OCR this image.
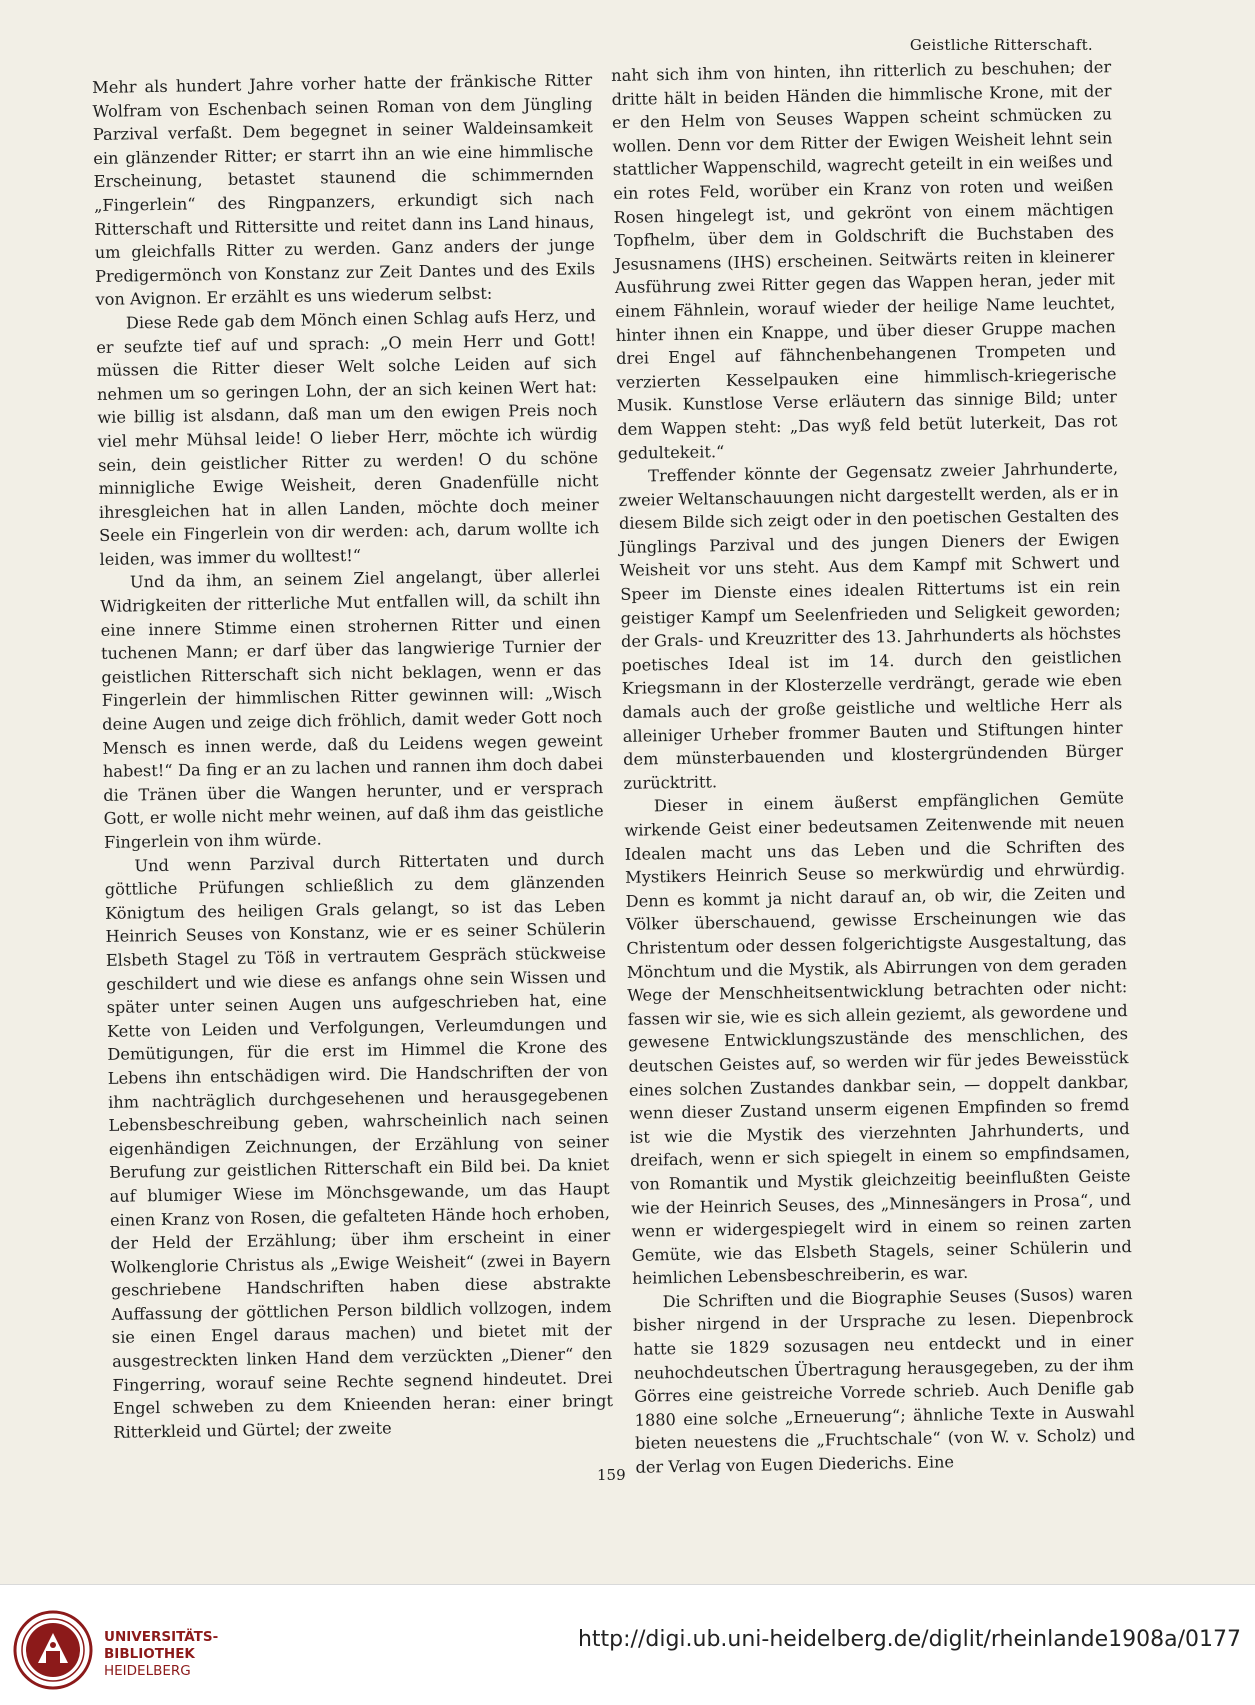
Geistliche Ritterschaft.

Mehr als hundert Jahre vorher hatte der fränkische Ritter Wolfram von Eschenbach seinen Roman von dem Jüngling Parzival verfaßt. Dem begegnet in seiner Waldeinsamkeit ein glänzender Ritter; er starrt ihn an wie eine himmlische Erscheinung, betastet staunend die schimmernden „Fingerlein“ des Ringpanzers, erkundigt sich nach Ritterschaft und Rittersitte und reitet dann ins Land hinaus, um gleichfalls Ritter zu werden. Ganz anders der junge Predigermönch von Konstanz zur Zeit Dantes und des Exils von Avignon. Er erzählt es uns wiederum selbst:

Diese Rede gab dem Mönch einen Schlag aufs Herz, und er seufzte tief auf und sprach: „O mein Herr und Gott! müssen die Ritter dieser Welt solche Leiden auf sich nehmen um so geringen Lohn, der an sich keinen Wert hat: wie billig ist alsdann, daß man um den ewigen Preis noch viel mehr Mühsal leide! O lieber Herr, möchte ich würdig sein, dein geistlicher Ritter zu werden! O du schöne minnigliche Ewige Weisheit, deren Gnadenfülle nicht ihresgleichen hat in allen Landen, möchte doch meiner Seele ein Fingerlein von dir werden: ach, darum wollte ich leiden, was immer du wolltest!“

Und da ihm, an seinem Ziel angelangt, über allerlei Widrigkeiten der ritterliche Mut entfallen will, da schilt ihn eine innere Stimme einen strohernen Ritter und einen tuchenen Mann; er darf über das langwierige Turnier der geistlichen Ritterschaft sich nicht beklagen, wenn er das Fingerlein der himmlischen Ritter gewinnen will: „Wisch deine Augen und zeige dich fröhlich, damit weder Gott noch Mensch es innen werde, daß du Leidens wegen geweint habest!“ Da fing er an zu lachen und rannen ihm doch dabei die Tränen über die Wangen herunter, und er versprach Gott, er wolle nicht mehr weinen, auf daß ihm das geistliche Fingerlein von ihm würde.

Und wenn Parzival durch Rittertaten und durch göttliche Prüfungen schließlich zu dem glänzenden Königtum des heiligen Grals gelangt, so ist das Leben Heinrich Seuses von Konstanz, wie er es seiner Schülerin Elsbeth Stagel zu Töß in vertrautem Gespräch stückweise geschildert und wie diese es anfangs ohne sein Wissen und später unter seinen Augen uns aufgeschrieben hat, eine Kette von Leiden und Verfolgungen, Verleumdungen und Demütigungen, für die erst im Himmel die Krone des Lebens ihn entschädigen wird. Die Handschriften der von ihm nachträglich durchgesehenen und herausgegebenen Lebensbeschreibung geben, wahrscheinlich nach seinen eigenhändigen Zeichnungen, der Erzählung von seiner Berufung zur geistlichen Ritterschaft ein Bild bei. Da kniet auf blumiger Wiese im Mönchsgewande, um das Haupt einen Kranz von Rosen, die gefalteten Hände hoch erhoben, der Held der Erzählung; über ihm erscheint in einer Wolkenglorie Christus als „Ewige Weisheit“ (zwei in Bayern geschriebene Handschriften haben diese abstrakte Auffassung der göttlichen Person bildlich vollzogen, indem sie einen Engel daraus machen) und bietet mit der ausgestreckten linken Hand dem verzückten „Diener“ den Fingerring, worauf seine Rechte segnend hindeutet. Drei Engel schweben zu dem Knieenden heran: einer bringt Ritterkleid und Gürtel; der zweite

naht sich ihm von hinten, ihn ritterlich zu beschuhen; der dritte hält in beiden Händen die himmlische Krone, mit der er den Helm von Seuses Wappen scheint schmücken zu wollen. Denn vor dem Ritter der Ewigen Weisheit lehnt sein stattlicher Wappenschild, wagrecht geteilt in ein weißes und ein rotes Feld, worüber ein Kranz von roten und weißen Rosen hingelegt ist, und gekrönt von einem mächtigen Topfhelm, über dem in Goldschrift die Buchstaben des Jesusnamens (IHS) erscheinen. Seitwärts reiten in kleinerer Ausführung zwei Ritter gegen das Wappen heran, jeder mit einem Fähnlein, worauf wieder der heilige Name leuchtet, hinter ihnen ein Knappe, und über dieser Gruppe machen drei Engel auf fähnchenbehangenen Trompeten und verzierten Kesselpauken eine himmlisch-kriegerische Musik. Kunstlose Verse erläutern das sinnige Bild; unter dem Wappen steht: „Das wyß feld betüt luterkeit, Das rot gedultekeit.“

Treffender könnte der Gegensatz zweier Jahrhunderte, zweier Weltanschauungen nicht dargestellt werden, als er in diesem Bilde sich zeigt oder in den poetischen Gestalten des Jünglings Parzival und des jungen Dieners der Ewigen Weisheit vor uns steht. Aus dem Kampf mit Schwert und Speer im Dienste eines idealen Rittertums ist ein rein geistiger Kampf um Seelenfrieden und Seligkeit geworden; der Grals- und Kreuzritter des 13. Jahrhunderts als höchstes poetisches Ideal ist im 14. durch den geistlichen Kriegsmann in der Klosterzelle verdrängt, gerade wie eben damals auch der große geistliche und weltliche Herr als alleiniger Urheber frommer Bauten und Stiftungen hinter dem münsterbauenden und klostergründenden Bürger zurücktritt.

Dieser in einem äußerst empfänglichen Gemüte wirkende Geist einer bedeutsamen Zeitenwende mit neuen Idealen macht uns das Leben und die Schriften des Mystikers Heinrich Seuse so merkwürdig und ehrwürdig. Denn es kommt ja nicht darauf an, ob wir, die Zeiten und Völker überschauend, gewisse Erscheinungen wie das Christentum oder dessen folgerichtigste Ausgestaltung, das Mönchtum und die Mystik, als Abirrungen von dem geraden Wege der Menschheitsentwicklung betrachten oder nicht: fassen wir sie, wie es sich allein geziemt, als gewordene und gewesene Entwicklungszustände des menschlichen, des deutschen Geistes auf, so werden wir für jedes Beweisstück eines solchen Zustandes dankbar sein, — doppelt dankbar, wenn dieser Zustand unserm eigenen Empfinden so fremd ist wie die Mystik des vierzehnten Jahrhunderts, und dreifach, wenn er sich spiegelt in einem so empfindsamen, von Romantik und Mystik gleichzeitig beeinflußten Geiste wie der Heinrich Seuses, des „Minnesängers in Prosa“, und wenn er widergespiegelt wird in einem so reinen zarten Gemüte, wie das Elsbeth Stagels, seiner Schülerin und heimlichen Lebensbeschreiberin, es war.

Die Schriften und die Biographie Seuses (Susos) waren bisher nirgend in der Ursprache zu lesen. Diepenbrock hatte sie 1829 sozusagen neu entdeckt und in einer neuhochdeutschen Übertragung herausgegeben, zu der ihm Görres eine geistreiche Vorrede schrieb. Auch Denifle gab 1880 eine solche „Erneuerung“; ähnliche Texte in Auswahl bieten neuestens die „Fruchtschale“ (von W. v. Scholz) und der Verlag von Eugen Diederichs. Eine

159
UNIVERSITÄTS-
BIBLIOTHEK
HEIDELBERG
http://digi.ub.uni-heidelberg.de/diglit/rheinlande1908a/0177
